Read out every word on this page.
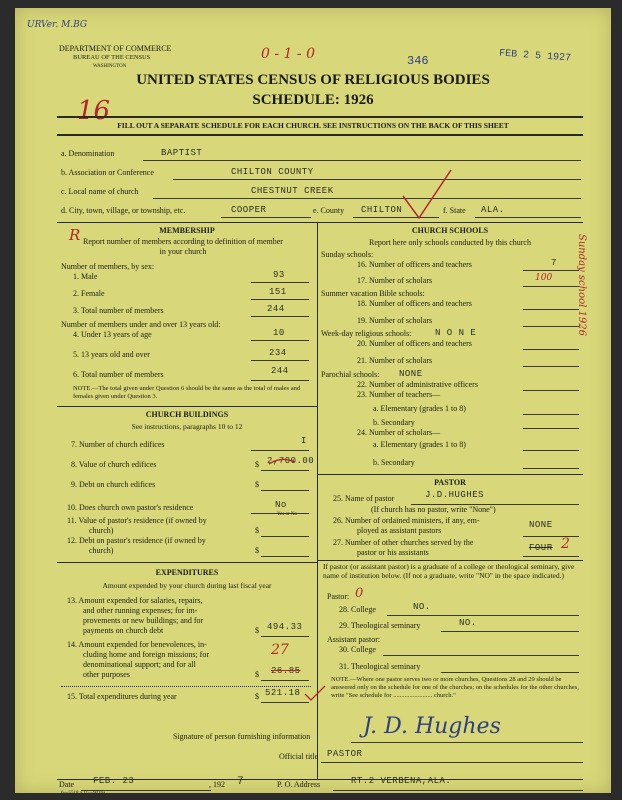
URVer. M.BG
DEPARTMENT OF COMMERCE
BUREAU OF THE CENSUS
WASHINGTON
0 - 1 - 0	346	FEB 2 5 1927
UNITED STATES CENSUS OF RELIGIOUS BODIES
SCHEDULE: 1926
16 FILL OUT A SEPARATE SCHEDULE FOR EACH CHURCH. SEE INSTRUCTIONS ON THE BACK OF THIS SHEET
a. Denomination	BAPTIST
b. Association or Conference	CHILTON COUNTY
c. Local name of church	CHESTNUT CREEK
d. City, town, village, or township, etc.	COOPER	e. County CHILTON	f. State ALA.
MEMBERSHIP
R Report number of members according to definition of member in your church
Number of members, by sex:
1. Male	93
2. Female	151
3. Total number of members	244
Number of members under and over 13 years old:
4. Under 13 years of age	10
5. 13 years old and over	234
6. Total number of members	244
NOTE.—The total given under Question 6 should be the same as the total of males and females given under Question 3.
CHURCH BUILDINGS
See instructions, paragraphs 10 to 12
7. Number of church edifices	I
8. Value of church edifices	$ 2,700.00
9. Debt on church edifices	$
10. Does church own pastor's residence	No
Yes or No
11. Value of pastor's residence (if owned by
church)	$
12. Debt on pastor's residence (if owned by
church)	$
EXPENDITURES
Amount expended by your church during last fiscal year
13. Amount expended for salaries, repairs,
and other running expenses; for im-
provements or new buildings; and for
payments on church debt	$ 494.33
14. Amount expended for benevolences, in-
cluding home and foreign missions; for
denominational support; and for all
other purposes
27
$ 26.85
15. Total expenditures during year	$ 521.18
CHURCH SCHOOLS
Report here only schools conducted by this church
Sunday schools:
16. Number of officers and teachers	7
17. Number of scholars	100
Summer vacation Bible schools:
18. Number of officers and teachers
19. Number of scholars
Week-day religious schools:	N O N E
20. Number of officers and teachers
21. Number of scholars
Parochial schools: NONE
22. Number of administrative officers
23. Number of teachers—
a. Elementary (grades 1 to 8)
b. Secondary
24. Number of scholars—
a. Elementary (grades 1 to 8)
b. Secondary
Sunday school 1926
PASTOR
25. Name of pastor	J.D.HUGHES
(If church has no pastor, write "None")
26. Number of ordained ministers, if any, em-
ployed as assistant pastors
NONE
27. Number of other churches served by the
pastor or his assistants	FOUR 2
If pastor (or assistant pastor) is a graduate of a college or theological seminary, give name of institution below. (If not a graduate, write "NO" in the space indicated.)
Pastor: 0
28. College	NO.
29. Theological seminary	NO.
Assistant pastor:
30. College
31. Theological seminary
NOTE.—Where one pastor serves two or more churches, Questions 28 and 29 should be answered only on the schedule for one of the churches; on the schedules for the other churches, write "See schedule for ........................ church."
Signature of person furnishing information J. D. Hughes
Official title PASTOR
Date FEB. 23	, 192 7	P. O. Address	RT.2 VERBENA,ALA.
6—5518 a 11—9016a
